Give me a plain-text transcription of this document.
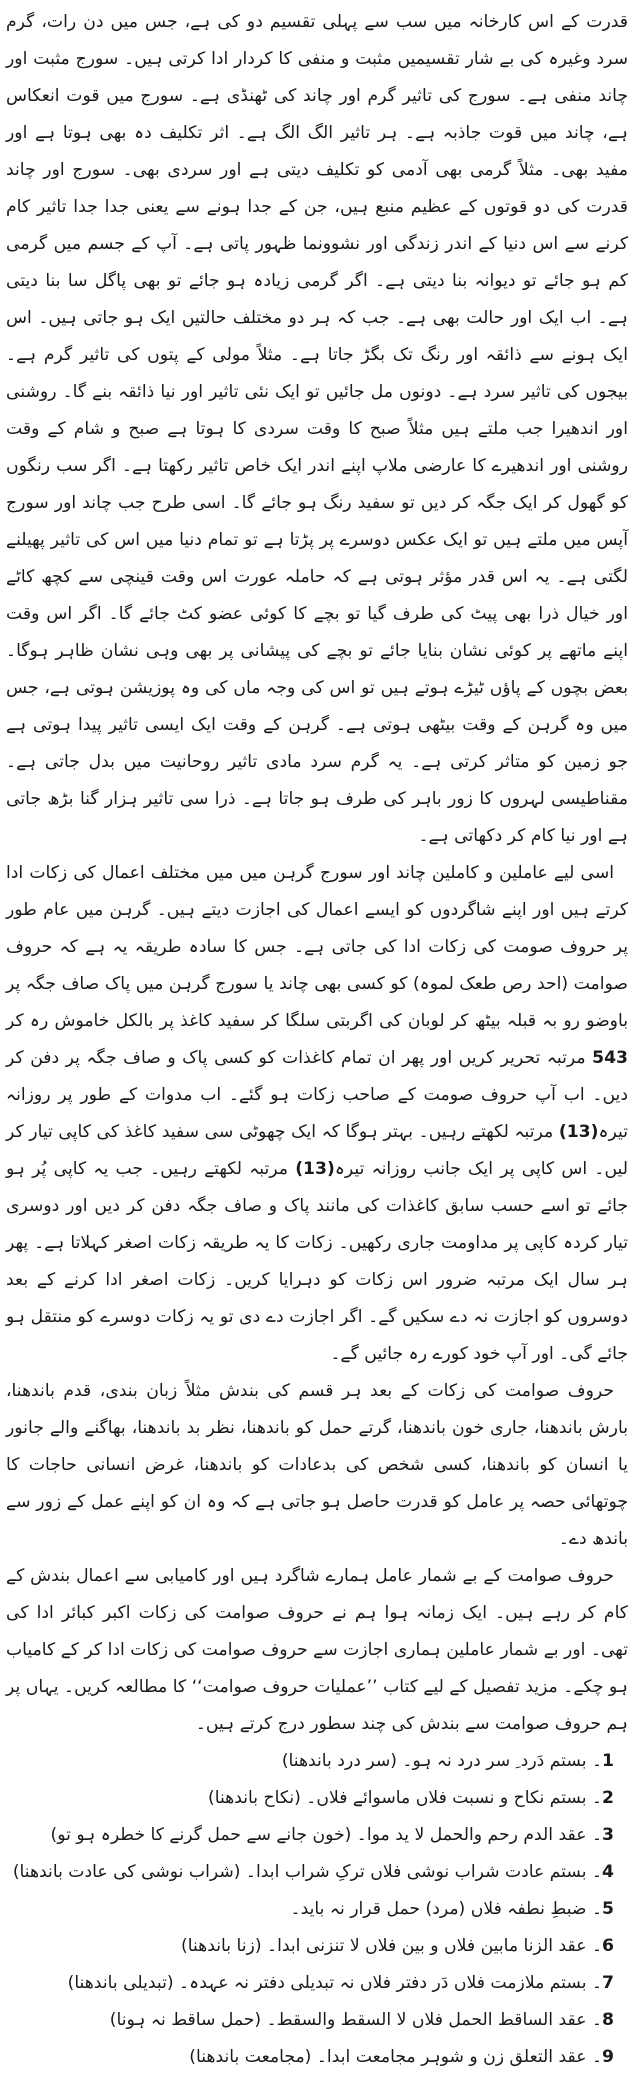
قدرت کے اس کارخانہ میں سب سے پہلی تقسیم دو کی ہے، جس میں دن رات، گرم سرد وغیرہ کی بے شار تقسیمیں مثبت و منفی کا کردار ادا کرتی ہیں۔ سورج مثبت اور چاند منفی ہے۔ سورج کی تاثیر گرم اور چاند کی ٹھنڈی ہے۔ سورج میں قوت انعکاس ہے، چاند میں قوت جاذبہ ہے۔ ہر تاثیر الگ الگ ہے۔ اثر تکلیف دہ بھی ہوتا ہے اور مفید بھی۔ مثلاً گرمی بھی آدمی کو تکلیف دیتی ہے اور سردی بھی۔ سورج اور چاند قدرت کی دو قوتوں کے عظیم منبع ہیں، جن کے جدا ہونے سے یعنی جدا جدا تاثیر کام کرنے سے اس دنیا کے اندر زندگی اور نشوونما ظہور پاتی ہے۔ آپ کے جسم میں گرمی کم ہو جائے تو دیوانہ بنا دیتی ہے۔ اگر گرمی زیادہ ہو جائے تو بھی پاگل سا بنا دیتی ہے۔ اب ایک اور حالت بھی ہے۔ جب کہ ہر دو مختلف حالتیں ایک ہو جاتی ہیں۔ اس ایک ہونے سے ذائقہ اور رنگ تک بگڑ جاتا ہے۔ مثلاً مولی کے پتوں کی تاثیر گرم ہے۔ بیجوں کی تاثیر سرد ہے۔ دونوں مل جائیں تو ایک نئی تاثیر اور نیا ذائقہ بنے گا۔ روشنی اور اندھیرا جب ملتے ہیں مثلاً صبح کا وقت سردی کا ہوتا ہے صبح و شام کے وقت روشنی اور اندھیرے کا عارضی ملاپ اپنے اندر ایک خاص تاثیر رکھتا ہے۔ اگر سب رنگوں کو گھول کر ایک جگہ کر دیں تو سفید رنگ ہو جائے گا۔ اسی طرح جب چاند اور سورج آپس میں ملتے ہیں تو ایک عکس دوسرے پر پڑتا ہے تو تمام دنیا میں اس کی تاثیر پھیلنے لگتی ہے۔ یہ اس قدر مؤثر ہوتی ہے کہ حاملہ عورت اس وقت قینچی سے کچھ کاٹے اور خیال ذرا بھی پیٹ کی طرف گیا تو بچے کا کوئی عضو کٹ جائے گا۔ اگر اس وقت اپنے ماتھے پر کوئی نشان بنایا جائے تو بچے کی پیشانی پر بھی وہی نشان ظاہر ہوگا۔ بعض بچوں کے پاؤں ٹیڑے ہوتے ہیں تو اس کی وجہ ماں کی وہ پوزیشن ہوتی ہے، جس میں وہ گرہن کے وقت بیٹھی ہوتی ہے۔ گرہن کے وقت ایک ایسی تاثیر پیدا ہوتی ہے جو زمین کو متاثر کرتی ہے۔ یہ گرم سرد مادی تاثیر روحانیت میں بدل جاتی ہے۔ مقناطیسی لہروں کا زور باہر کی طرف ہو جاتا ہے۔ ذرا سی تاثیر ہزار گنا بڑھ جاتی ہے اور نیا کام کر دکھاتی ہے۔

اسی لیے عاملین و کاملین چاند اور سورج گرہن میں میں مختلف اعمال کی زکات ادا کرتے ہیں اور اپنے شاگردوں کو ایسے اعمال کی اجازت دیتے ہیں۔ گرہن میں عام طور پر حروف صومت کی زکات ادا کی جاتی ہے۔ جس کا سادہ طریقہ یہ ہے کہ حروف صوامت (احد رص طعک لموہ) کو کسی بھی چاند یا سورج گرہن میں پاک صاف جگہ پر باوضو رو بہ قبلہ بیٹھ کر لوبان کی اگربتی سلگا کر سفید کاغذ پر بالکل خاموش رہ کر 543 مرتبہ تحریر کریں اور پھر ان تمام کاغذات کو کسی پاک و صاف جگہ پر دفن کر دیں۔ اب آپ حروف صومت کے صاحب زکات ہو گئے۔ اب مدوات کے طور پر روزانہ تیرہ(13) مرتبہ لکھتے رہیں۔ بہتر ہوگا کہ ایک چھوٹی سی سفید کاغذ کی کاپی تیار کر لیں۔ اس کاپی پر ایک جانب روزانہ تیرہ(13) مرتبہ لکھتے رہیں۔ جب یہ کاپی پُر ہو جائے تو اسے حسب سابق کاغذات کی مانند پاک و صاف جگہ دفن کر دیں اور دوسری تیار کردہ کاپی پر مداومت جاری رکھیں۔ زکات کا یہ طریقہ زکات اصغر کہلاتا ہے۔ پھر ہر سال ایک مرتبہ ضرور اس زکات کو دہرایا کریں۔ زکات اصغر ادا کرنے کے بعد دوسروں کو اجازت نہ دے سکیں گے۔ اگر اجازت دے دی تو یہ زکات دوسرے کو منتقل ہو جائے گی۔ اور آپ خود کورے رہ جائیں گے۔

حروف صوامت کی زکات کے بعد ہر قسم کی بندش مثلاً زبان بندی، قدم باندھنا، بارش باندھنا، جاری خون باندھنا، گرتے حمل کو باندھنا، نظر بد باندھنا، بھاگنے والے جانور یا انسان کو باندھنا، کسی شخص کی بدعادات کو باندھنا، غرض انسانی حاجات کا چوتھائی حصہ پر عامل کو قدرت حاصل ہو جاتی ہے کہ وہ ان کو اپنے عمل کے زور سے باندھ دے۔

حروف صوامت کے بے شمار عامل ہمارے شاگرد ہیں اور کامیابی سے اعمال بندش کے کام کر رہے ہیں۔ ایک زمانہ ہوا ہم نے حروف صوامت کی زکات اکبر کبائر ادا کی تھی۔ اور بے شمار عاملین ہماری اجازت سے حروف صوامت کی زکات ادا کر کے کامیاب ہو چکے۔ مزید تفصیل کے لیے کتاب ’’عملیات حروف صوامت‘‘ کا مطالعہ کریں۔ یہاں پر ہم حروف صوامت سے بندش کی چند سطور درج کرتے ہیں۔

1۔ بستم دَرد ِ سر درد نہ ہو۔ (سر درد باندھنا)
2۔ بستم نکاح و نسبت فلاں ماسوائے فلاں۔ (نکاح باندھنا)
3۔ عقد الدم رحم والحمل لا ید موا۔ (خون جانے سے حمل گرنے کا خطرہ ہو تو)
4۔ بستم عادت شراب نوشی فلاں ترکِ شراب ابدا۔ (شراب نوشی کی عادت باندھنا)
5۔ ضبطِ نطفہ فلاں (مرد) حمل قرار نہ باید۔
6۔ عقد الزنا مابین فلاں و بین فلاں لا تنزنی ابدا۔ (زنا باندھنا)
7۔ بستم ملازمت فلاں دَر دفتر فلاں نہ تبدیلی دفتر نہ عہدہ۔ (تبدیلی باندھنا)
8۔ عقد الساقط الحمل فلاں لا السقط والسقط۔ (حمل ساقط نہ ہونا)
9۔ عقد التعلق زن و شوہر مجامعت ابدا۔ (مجامعت باندھنا)
